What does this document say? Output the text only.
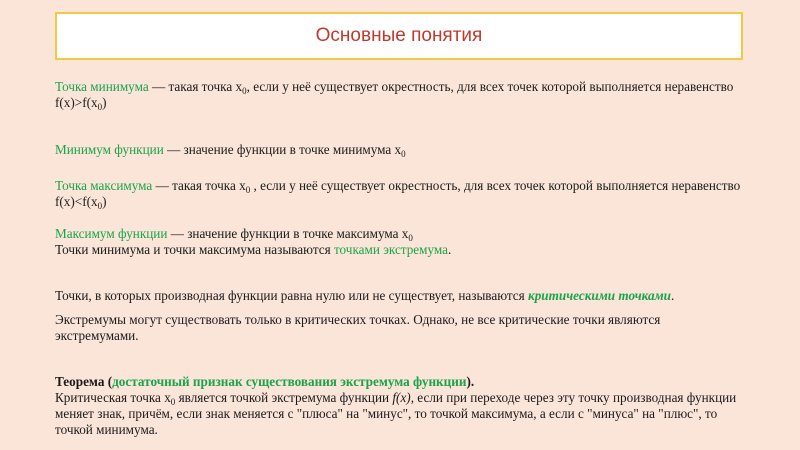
Основные понятия
Точка минимума — такая точка $x_0$, если у неё существует окрестность, для всех точек которой выполняется неравенство $f(x)>f(x_0)$
Минимум функции — значение функции в точке минимума $x_0$
Точка максимума — такая точка $x_0$ , если у неё существует окрестность, для всех точек которой выполняется неравенство $f(x)<f(x_0)$
Максимум функции — значение функции в точке максимума $x_0$
Точки минимума и точки максимума называются точками экстремума.
Точки, в которых производная функции равна нулю или не существует, называются критическими точками.
Экстремумы могут существовать только в критических точках. Однако, не все критические точки являются экстремумами.
Теорема (достаточный признак существования экстремума функции).
Критическая точка $x_0$ является точкой экстремума функции f(x), если при переходе через эту точку производная функции меняет знак, причём, если знак меняется с "плюса" на "минус", то точкой максимума, а если с "минуса" на "плюс", то точкой минимума.
